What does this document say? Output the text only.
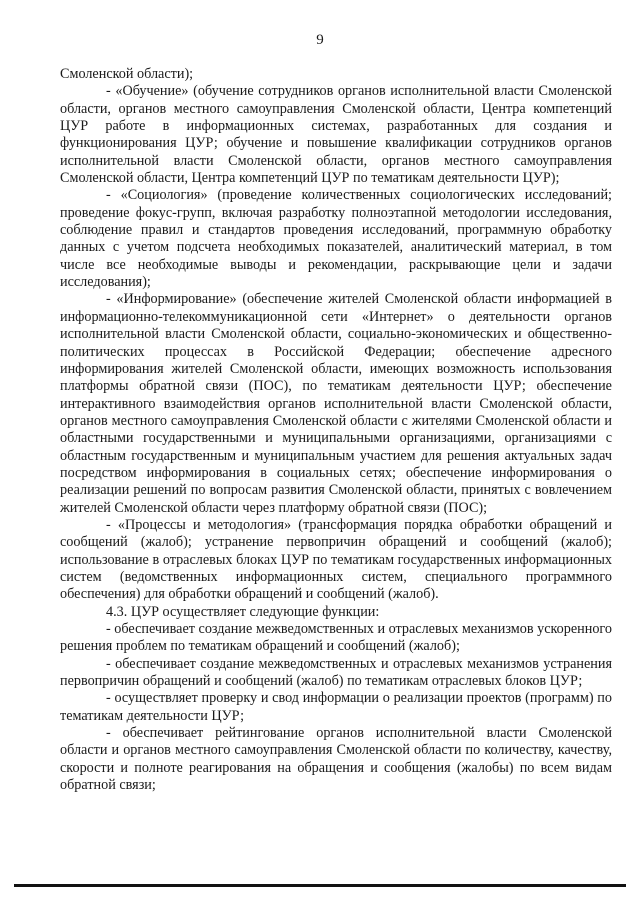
9

Смоленской области);

- «Обучение» (обучение сотрудников органов исполнительной власти Смоленской области, органов местного самоуправления Смоленской области, Центра компетенций ЦУР работе в информационных системах, разработанных для создания и функционирования ЦУР; обучение и повышение квалификации сотрудников органов исполнительной власти Смоленской области, органов местного самоуправления Смоленской области, Центра компетенций ЦУР по тематикам деятельности ЦУР);

- «Социология» (проведение количественных социологических исследований; проведение фокус-групп, включая разработку полноэтапной методологии исследования, соблюдение правил и стандартов проведения исследований, программную обработку данных с учетом подсчета необходимых показателей, аналитический материал, в том числе все необходимые выводы и рекомендации, раскрывающие цели и задачи исследования);

- «Информирование» (обеспечение жителей Смоленской области информацией в информационно-телекоммуникационной сети «Интернет» о деятельности органов исполнительной власти Смоленской области, социально-экономических и общественно-политических процессах в Российской Федерации; обеспечение адресного информирования жителей Смоленской области, имеющих возможность использования платформы обратной связи (ПОС), по тематикам деятельности ЦУР; обеспечение интерактивного взаимодействия органов исполнительной власти Смоленской области, органов местного самоуправления Смоленской области с жителями Смоленской области и областными государственными и муниципальными организациями, организациями с областным государственным и муниципальным участием для решения актуальных задач посредством информирования в социальных сетях; обеспечение информирования о реализации решений по вопросам развития Смоленской области, принятых с вовлечением жителей Смоленской области через платформу обратной связи (ПОС);

- «Процессы и методология» (трансформация порядка обработки обращений и сообщений (жалоб); устранение первопричин обращений и сообщений (жалоб); использование в отраслевых блоках ЦУР по тематикам государственных информационных систем (ведомственных информационных систем, специального программного обеспечения) для обработки обращений и сообщений (жалоб).

4.3. ЦУР осуществляет следующие функции:

- обеспечивает создание межведомственных и отраслевых механизмов ускоренного решения проблем по тематикам обращений и сообщений (жалоб);

- обеспечивает создание межведомственных и отраслевых механизмов устранения первопричин обращений и сообщений (жалоб) по тематикам отраслевых блоков ЦУР;

- осуществляет проверку и свод информации о реализации проектов (программ) по тематикам деятельности ЦУР;

- обеспечивает рейтингование органов исполнительной власти Смоленской области и органов местного самоуправления Смоленской области по количеству, качеству, скорости и полноте реагирования на обращения и сообщения (жалобы) по всем видам обратной связи;
